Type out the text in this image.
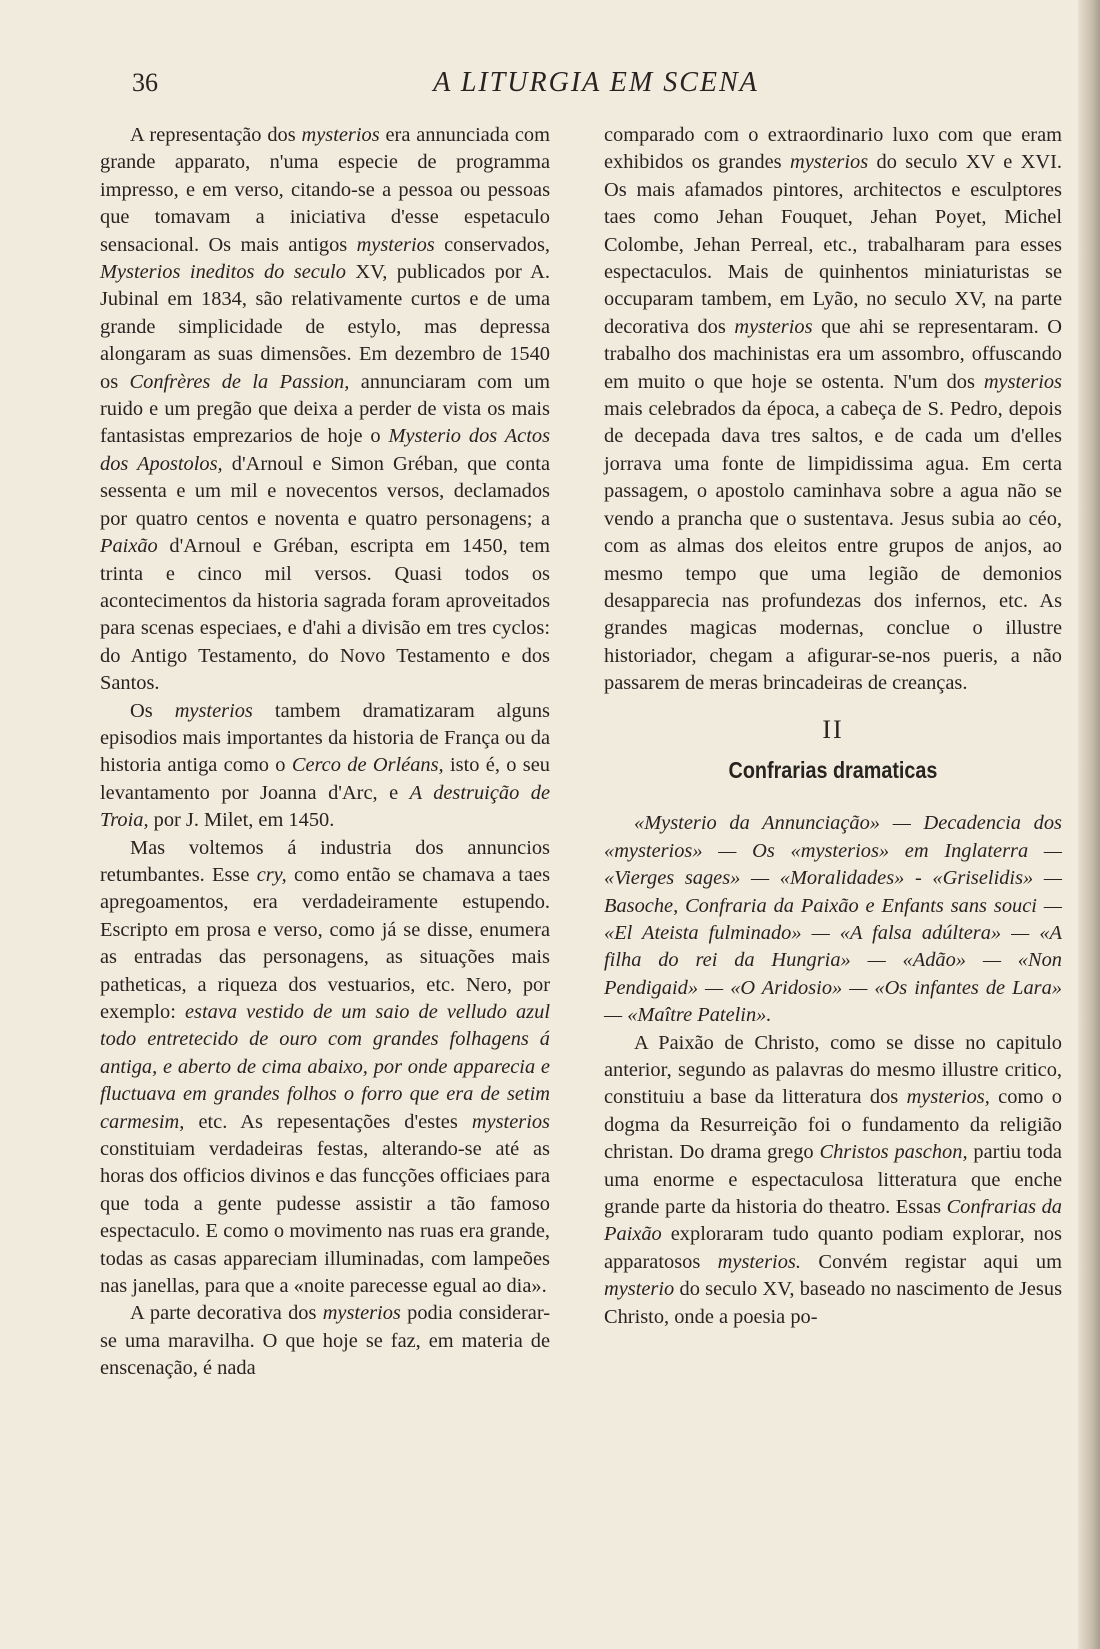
36	A LITURGIA EM SCENA

A representação dos mysterios era annunciada com grande apparato, n'uma especie de programma impresso, e em verso, citando-se a pessoa ou pessoas que tomavam a iniciativa d'esse espetaculo sensacional. Os mais antigos mysterios conservados, Mysterios ineditos do seculo XV, publicados por A. Jubinal em 1834, são relativamente curtos e de uma grande simplicidade de estylo, mas depressa alongaram as suas dimensões. Em dezembro de 1540 os Confrères de la Passion, annunciaram com um ruido e um pregão que deixa a perder de vista os mais fantasistas emprezarios de hoje o Mysterio dos Actos dos Apostolos, d'Arnoul e Simon Gréban, que conta sessenta e um mil e novecentos versos, declamados por quatro centos e noventa e quatro personagens; a Paixão d'Arnoul e Gréban, escripta em 1450, tem trinta e cinco mil versos. Quasi todos os acontecimentos da historia sagrada foram aproveitados para scenas especiaes, e d'ahi a divisão em tres cyclos: do Antigo Testamento, do Novo Testamento e dos Santos.

Os mysterios tambem dramatizaram alguns episodios mais importantes da historia de França ou da historia antiga como o Cerco de Orléans, isto é, o seu levantamento por Joanna d'Arc, e A destruição de Troia, por J. Milet, em 1450.

Mas voltemos á industria dos annuncios retumbantes. Esse cry, como então se chamava a taes apregoamentos, era verdadeiramente estupendo. Escripto em prosa e verso, como já se disse, enumera as entradas das personagens, as situações mais patheticas, a riqueza dos vestuarios, etc. Nero, por exemplo: estava vestido de um saio de velludo azul todo entretecido de ouro com grandes folhagens á antiga, e aberto de cima abaixo, por onde apparecia e fluctuava em grandes folhos o forro que era de setim carmesim, etc. As repesentações d'estes mysterios constituiam verdadeiras festas, alterando-se até as horas dos officios divinos e das funcções officiaes para que toda a gente pudesse assistir a tão famoso espectaculo. E como o movimento nas ruas era grande, todas as casas appareciam illuminadas, com lampeões nas janellas, para que a «noite parecesse egual ao dia».

A parte decorativa dos mysterios podia considerar-se uma maravilha. O que hoje se faz, em materia de enscenação, é nada

comparado com o extraordinario luxo com que eram exhibidos os grandes mysterios do seculo XV e XVI. Os mais afamados pintores, architectos e esculptores taes como Jehan Fouquet, Jehan Poyet, Michel Colombe, Jehan Perreal, etc., trabalharam para esses espectaculos. Mais de quinhentos miniaturistas se occuparam tambem, em Lyão, no seculo XV, na parte decorativa dos mysterios que ahi se representaram. O trabalho dos machinistas era um assombro, offuscando em muito o que hoje se ostenta. N'um dos mysterios mais celebrados da época, a cabeça de S. Pedro, depois de decepada dava tres saltos, e de cada um d'elles jorrava uma fonte de limpidissima agua. Em certa passagem, o apostolo caminhava sobre a agua não se vendo a prancha que o sustentava. Jesus subia ao céo, com as almas dos eleitos entre grupos de anjos, ao mesmo tempo que uma legião de demonios desapparecia nas profundezas dos infernos, etc. As grandes magicas modernas, conclue o illustre historiador, chegam a afigurar-se-nos pueris, a não passarem de meras brincadeiras de creanças.

II
Confrarias dramaticas

«Mysterio da Annunciação» — Decadencia dos «mysterios» — Os «mysterios» em Inglaterra — «Vierges sages» — «Moralidades» - «Griselidis» — Basoche, Confraria da Paixão e Enfants sans souci — «El Ateista fulminado» — «A falsa adúltera» — «A filha do rei da Hungria» — «Adão» — «Non Pendigaid» — «O Aridosio» — «Os infantes de Lara» — «Maître Patelin».

A Paixão de Christo, como se disse no capitulo anterior, segundo as palavras do mesmo illustre critico, constituiu a base da litteratura dos mysterios, como o dogma da Resurreição foi o fundamento da religião christan. Do drama grego Christos paschon, partiu toda uma enorme e espectaculosa litteratura que enche grande parte da historia do theatro. Essas Confrarias da Paixão exploraram tudo quanto podiam explorar, nos apparatosos mysterios. Convém registar aqui um mysterio do seculo XV, baseado no nascimento de Jesus Christo, onde a poesia po-
